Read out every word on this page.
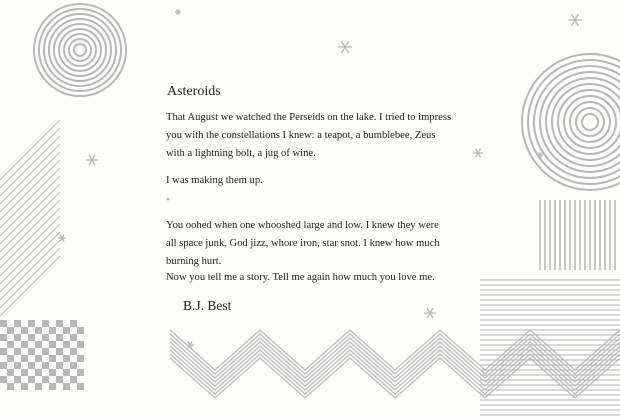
Asteroids
That August we watched the Perseids on the lake. I tried to impress
you with the constellations I knew: a teapot, a bumblebee, Zeus
with a lightning bolt, a jug of wine.
I was making them up.
*
You oohed when one whooshed large and low. I knew they were
all space junk, God jizz, whore iron, star snot. I knew how much
burning hurt.
Now you tell me a story. Tell me again how much you love me.
B.J. Best
